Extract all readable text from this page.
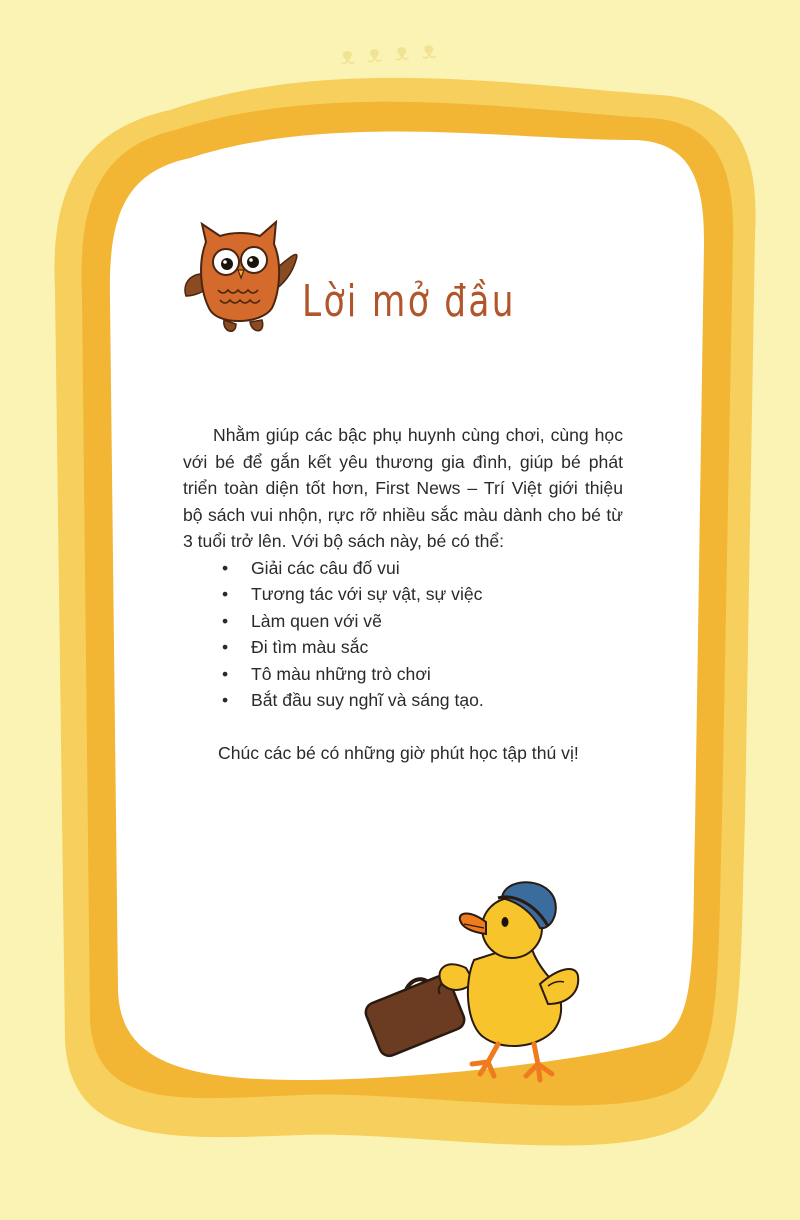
ᴥ ᴥ ᴥ ᴥ
Lời mở đầu

Nhằm giúp các bậc phụ huynh cùng chơi, cùng học với bé để gắn kết yêu thương gia đình, giúp bé phát triển toàn diện tốt hơn, First News – Trí Việt giới thiệu bộ sách vui nhộn, rực rỡ nhiều sắc màu dành cho bé từ 3 tuổi trở lên. Với bộ sách này, bé có thể:

• Giải các câu đố vui
• Tương tác với sự vật, sự việc
• Làm quen với vẽ
• Đi tìm màu sắc
• Tô màu những trò chơi
• Bắt đầu suy nghĩ và sáng tạo.

Chúc các bé có những giờ phút học tập thú vị!
